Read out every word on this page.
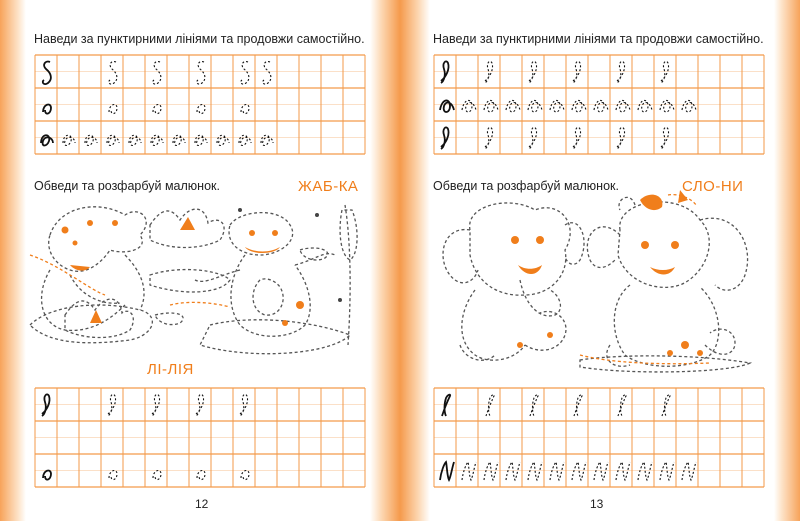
Наведи за пунктирними лініями та продовжи самостійно.
Обведи та розфарбуй малюнок.	ЖАБ-КА
ЛІ-ЛІЯ
12
Наведи за пунктирними лініями та продовжи самостійно.
Обведи та розфарбуй малюнок.	СЛО-НИ
13
